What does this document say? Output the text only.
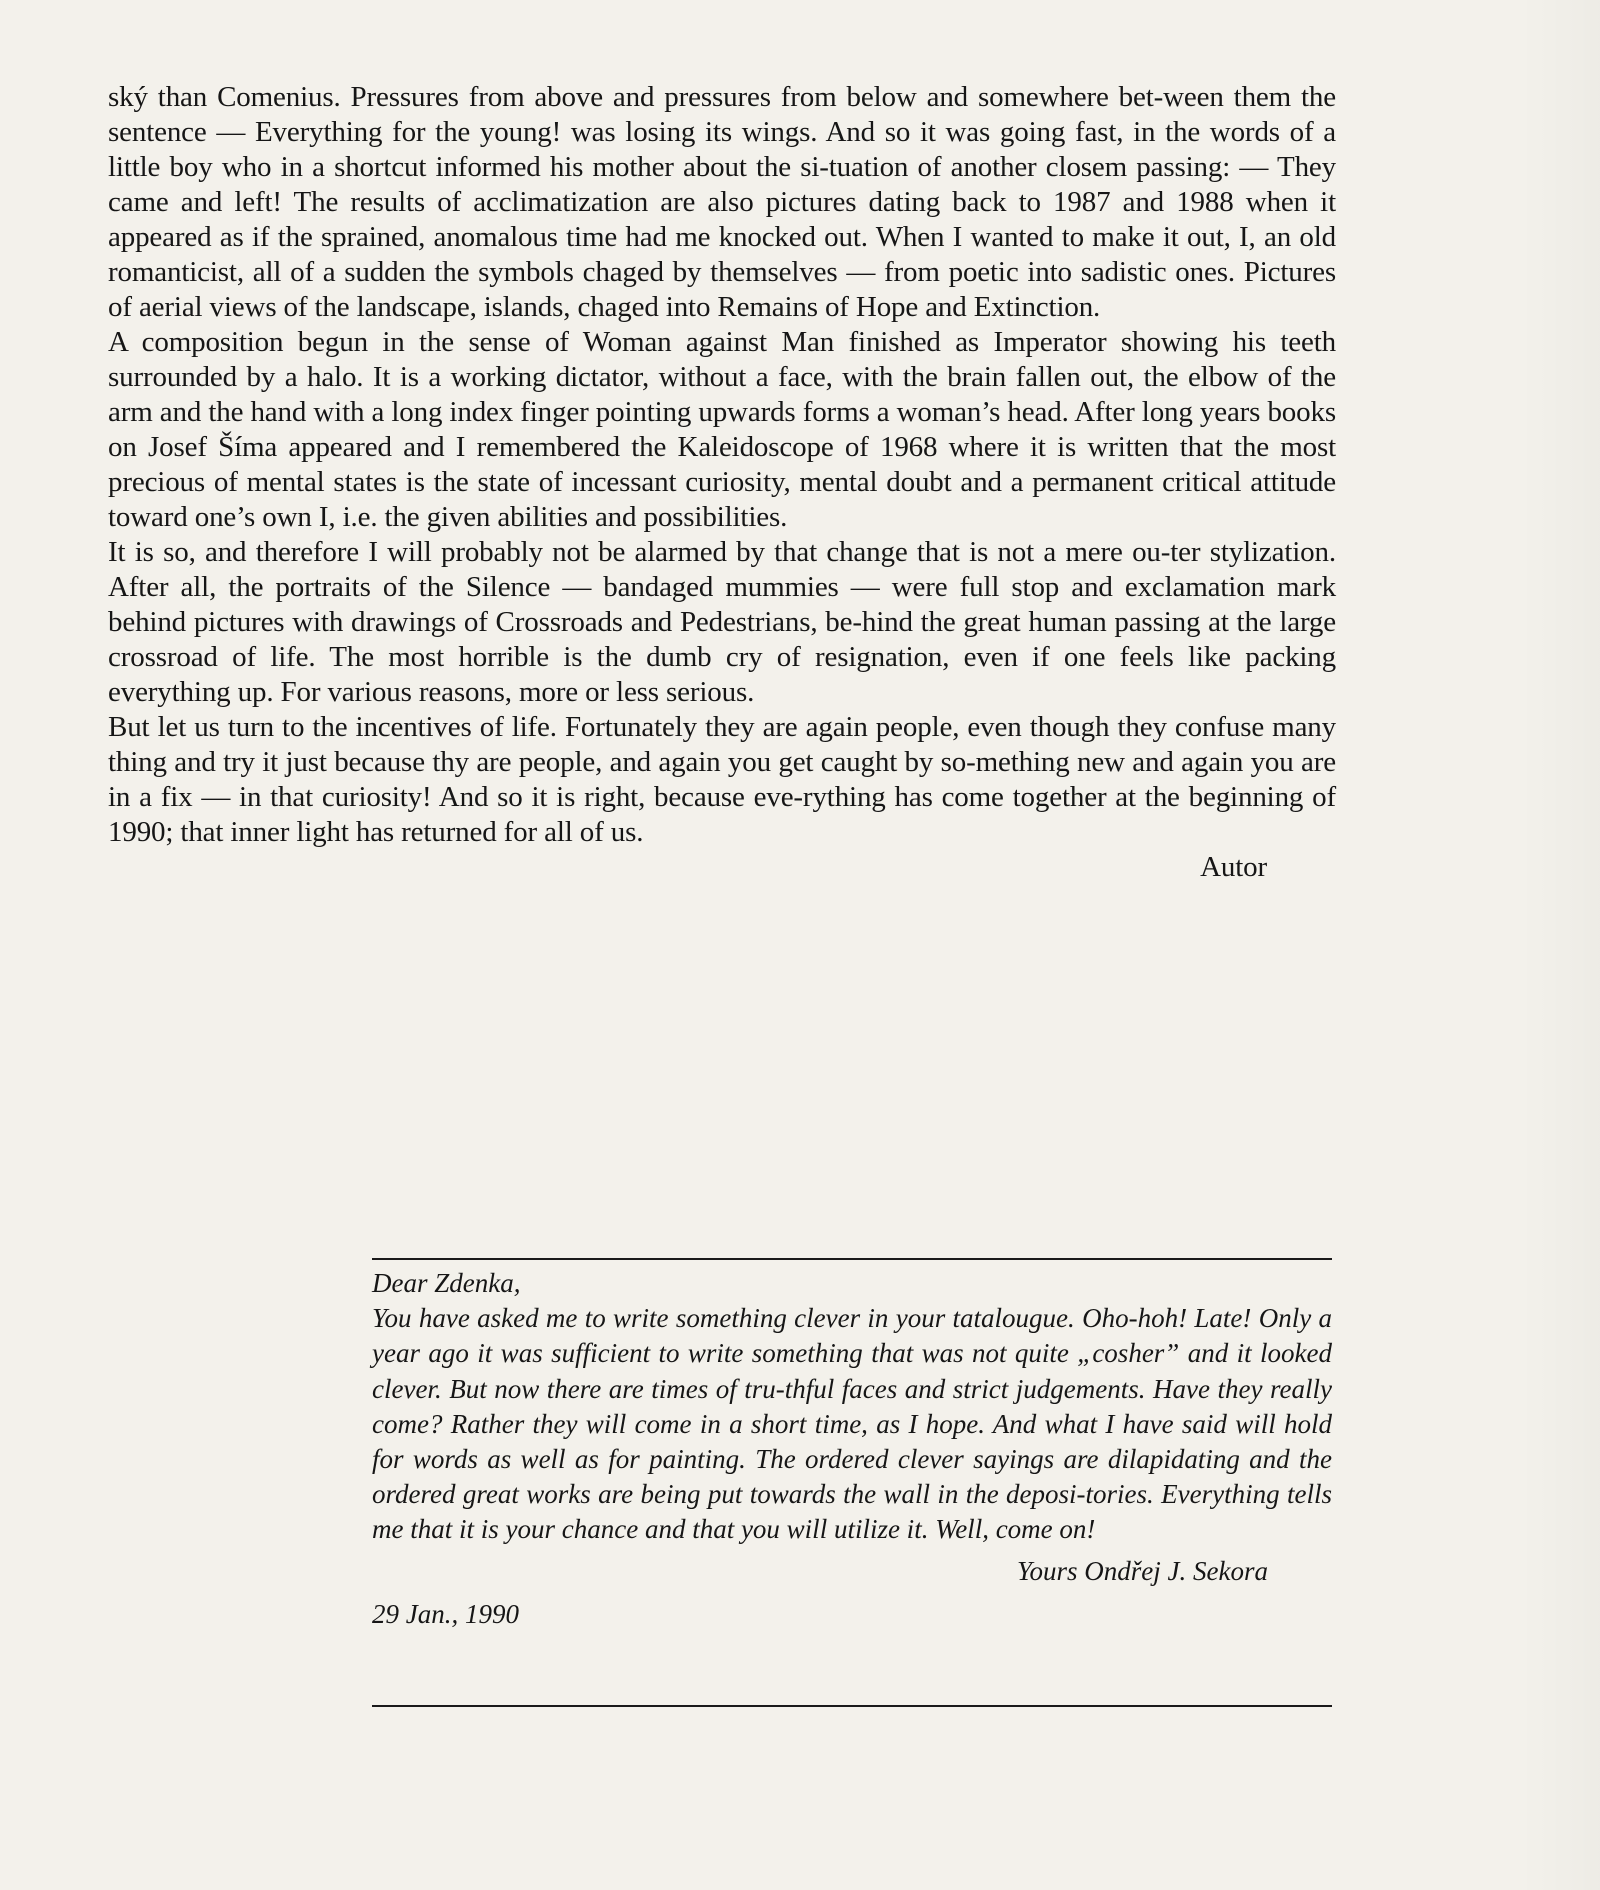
ský than Comenius. Pressures from above and pressures from below and somewhere bet-ween them the sentence — Everything for the young! was losing its wings. And so it was going fast, in the words of a little boy who in a shortcut informed his mother about the si-tuation of another closem passing: — They came and left! The results of acclimatization are also pictures dating back to 1987 and 1988 when it appeared as if the sprained, anomalous time had me knocked out. When I wanted to make it out, I, an old romanticist, all of a sudden the symbols chaged by themselves — from poetic into sadistic ones. Pictures of aerial views of the landscape, islands, chaged into Remains of Hope and Extinction.

A composition begun in the sense of Woman against Man finished as Imperator showing his teeth surrounded by a halo. It is a working dictator, without a face, with the brain fallen out, the elbow of the arm and the hand with a long index finger pointing upwards forms a woman’s head. After long years books on Josef Šíma appeared and I remembered the Kaleidoscope of 1968 where it is written that the most precious of mental states is the state of incessant curiosity, mental doubt and a permanent critical attitude toward one’s own I, i.e. the given abilities and possibilities.

It is so, and therefore I will probably not be alarmed by that change that is not a mere ou-ter stylization. After all, the portraits of the Silence — bandaged mummies — were full stop and exclamation mark behind pictures with drawings of Crossroads and Pedestrians, be-hind the great human passing at the large crossroad of life. The most horrible is the dumb cry of resignation, even if one feels like packing everything up. For various reasons, more or less serious.

But let us turn to the incentives of life. Fortunately they are again people, even though they confuse many thing and try it just because thy are people, and again you get caught by so-mething new and again you are in a fix — in that curiosity! And so it is right, because eve-rything has come together at the beginning of 1990; that inner light has returned for all of us.

Autor

Dear Zdenka,

You have asked me to write something clever in your tatalougue. Oho-hoh! Late! Only a year ago it was sufficient to write something that was not quite „cosher” and it looked clever. But now there are times of tru-thful faces and strict judgements. Have they really come? Rather they will come in a short time, as I hope. And what I have said will hold for words as well as for painting. The ordered clever sayings are dilapidating and the ordered great works are being put towards the wall in the deposi-tories. Everything tells me that it is your chance and that you will utilize it. Well, come on!

Yours Ondřej J. Sekora

29 Jan., 1990
